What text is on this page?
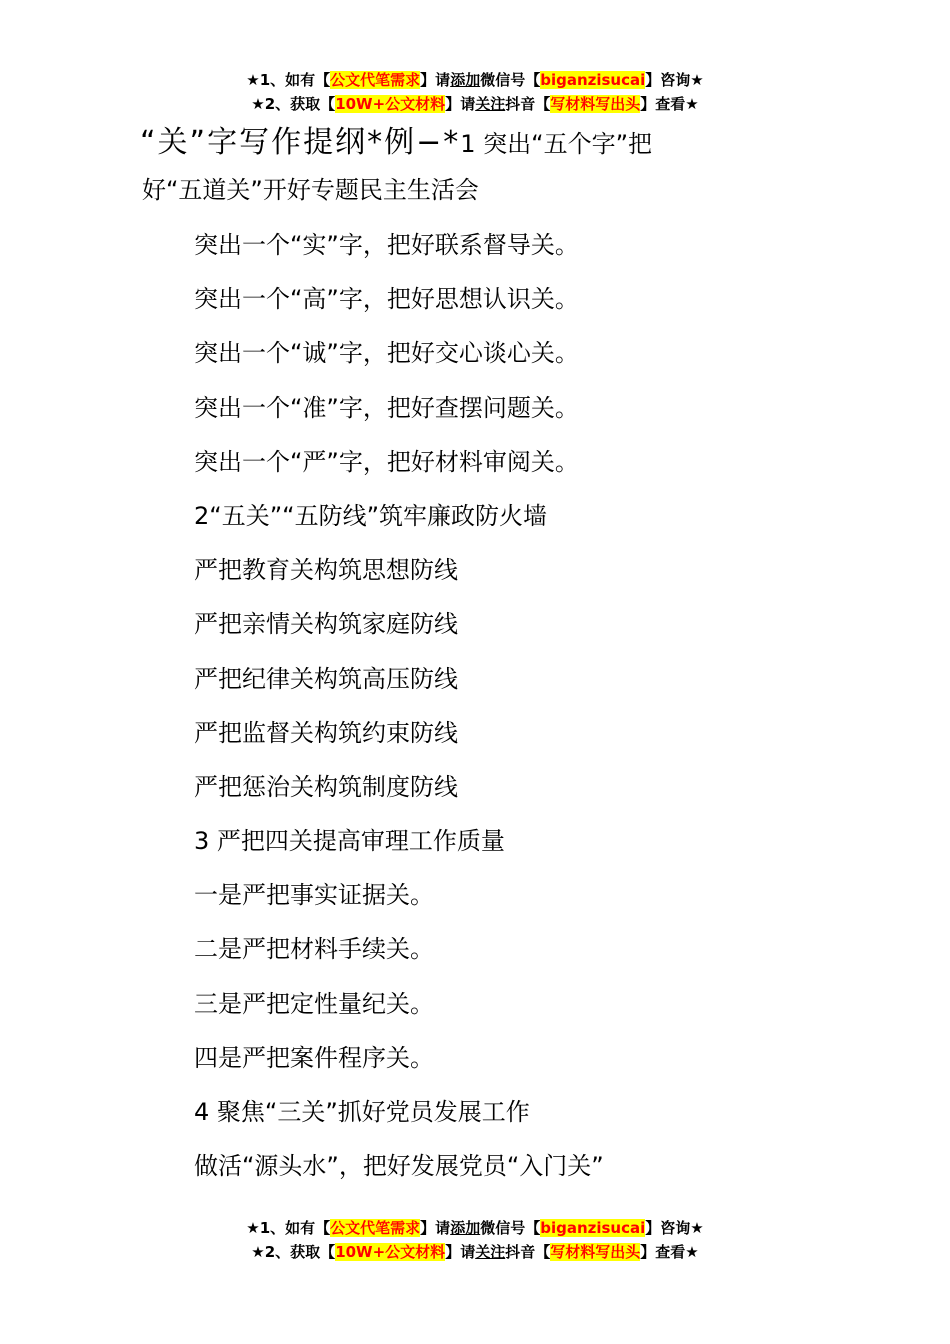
★1、如有【公文代笔需求】请添加微信号【biganzisucai】咨询★
★2、获取【10W+公文材料】请关注抖音【写材料写出头】查看★
“关”字写作提纲*例−*1 突出“五个字”把
好“五道关”开好专题民主生活会

突出一个“实”字，把好联系督导关。

突出一个“高”字，把好思想认识关。

突出一个“诚”字，把好交心谈心关。

突出一个“准”字，把好查摆问题关。

突出一个“严”字，把好材料审阅关。

2“五关”“五防线”筑牢廉政防火墙

严把教育关构筑思想防线

严把亲情关构筑家庭防线

严把纪律关构筑高压防线

严把监督关构筑约束防线

严把惩治关构筑制度防线

3 严把四关提高审理工作质量

一是严把事实证据关。

二是严把材料手续关。

三是严把定性量纪关。

四是严把案件程序关。

4 聚焦“三关”抓好党员发展工作

做活“源头水”，把好发展党员“入门关”

★1、如有【公文代笔需求】请添加微信号【biganzisucai】咨询★
★2、获取【10W+公文材料】请关注抖音【写材料写出头】查看★
